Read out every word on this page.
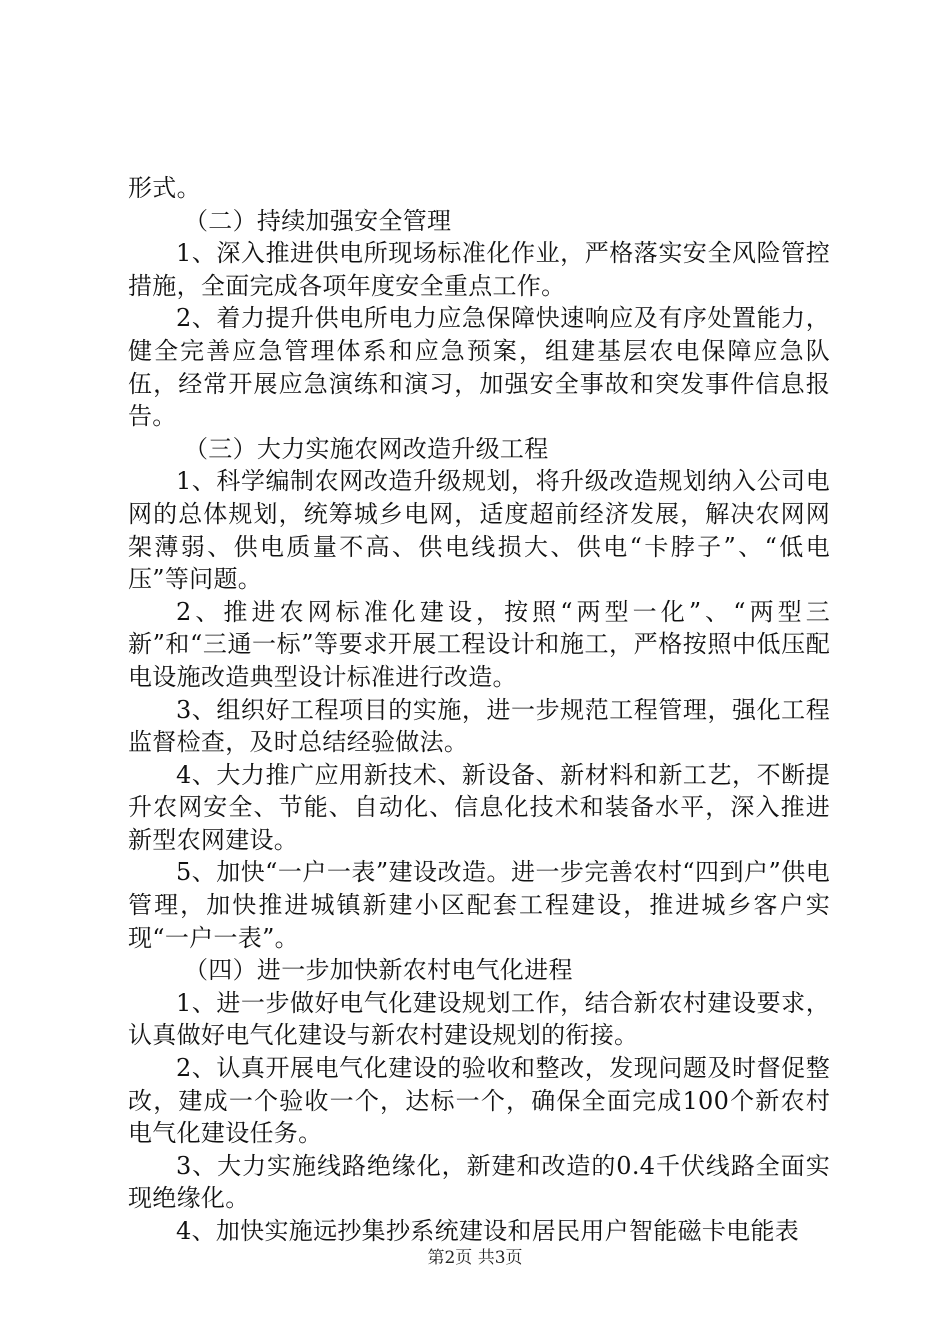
形式。

（二）持续加强安全管理

1、深入推进供电所现场标准化作业，严格落实安全风险管控措施，全面完成各项年度安全重点工作。

2、着力提升供电所电力应急保障快速响应及有序处置能力，健全完善应急管理体系和应急预案，组建基层农电保障应急队伍，经常开展应急演练和演习，加强安全事故和突发事件信息报告。

（三）大力实施农网改造升级工程

1、科学编制农网改造升级规划，将升级改造规划纳入公司电网的总体规划，统筹城乡电网，适度超前经济发展，解决农网网架薄弱、供电质量不高、供电线损大、供电“卡脖子”、“低电压”等问题。

2、推进农网标准化建设，按照“两型一化”、“两型三新”和“三通一标”等要求开展工程设计和施工，严格按照中低压配电设施改造典型设计标准进行改造。

3、组织好工程项目的实施，进一步规范工程管理，强化工程监督检查，及时总结经验做法。

4、大力推广应用新技术、新设备、新材料和新工艺，不断提升农网安全、节能、自动化、信息化技术和装备水平，深入推进新型农网建设。

5、加快“一户一表”建设改造。进一步完善农村“四到户”供电管理，加快推进城镇新建小区配套工程建设，推进城乡客户实现“一户一表”。

（四）进一步加快新农村电气化进程

1、进一步做好电气化建设规划工作，结合新农村建设要求，认真做好电气化建设与新农村建设规划的衔接。

2、认真开展电气化建设的验收和整改，发现问题及时督促整改，建成一个验收一个，达标一个，确保全面完成100个新农村电气化建设任务。

3、大力实施线路绝缘化，新建和改造的0.4千伏线路全面实现绝缘化。

4、加快实施远抄集抄系统建设和居民用户智能磁卡电能表

第2页 共3页
